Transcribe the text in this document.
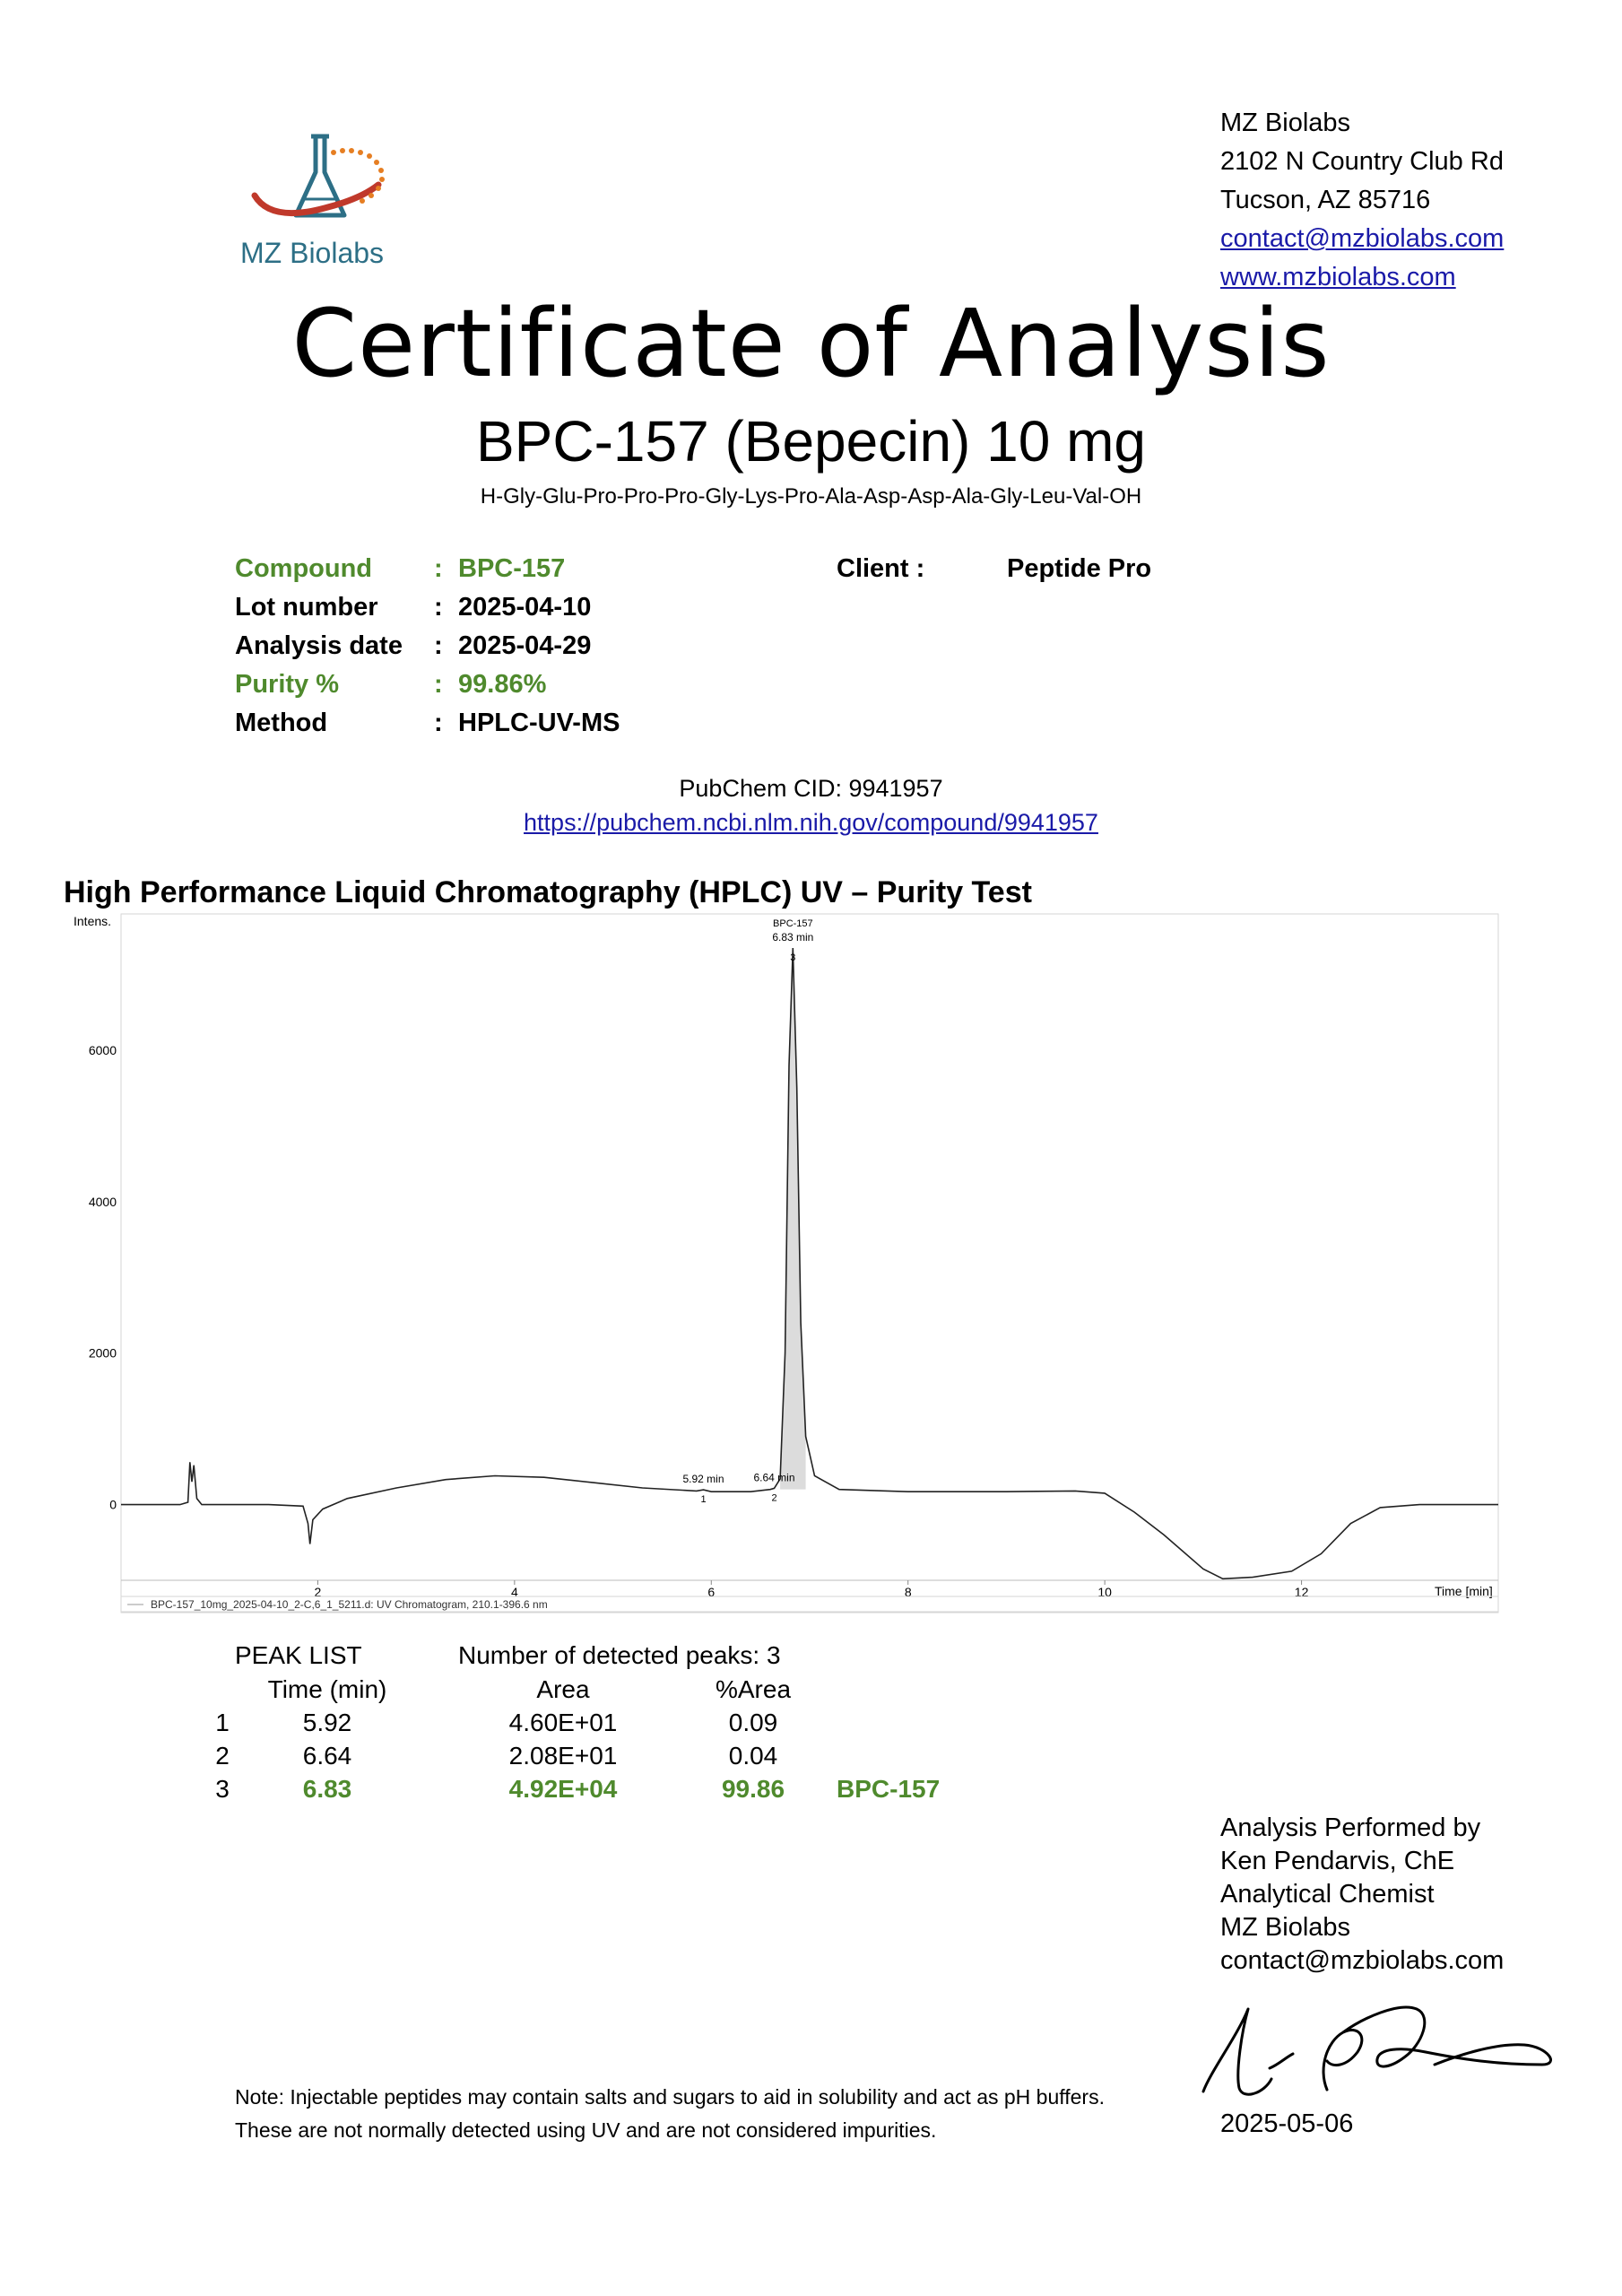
MZ Biolabs
MZ Biolabs
2102 N Country Club Rd
Tucson, AZ 85716
contact@mzbiolabs.com
www.mzbiolabs.com
Certificate of Analysis
BPC-157 (Bepecin) 10 mg
H-Gly-Glu-Pro-Pro-Pro-Gly-Lys-Pro-Ala-Asp-Asp-Ala-Gly-Leu-Val-OH
Compound : BPC-157
Lot number : 2025-04-10
Analysis date : 2025-04-29
Purity %	: 99.86%
Method	: HPLC-UV-MS
Client :	Peptide Pro
PubChem CID: 9941957
https://pubchem.ncbi.nlm.nih.gov/compound/9941957
High Performance Liquid Chromatography (HPLC) UV – Purity Test
Intens.
Time [min]
0
2000
4000
6000
2	4	6	8	10	12
5.92 min
1
6.64 min
2
BPC-157
6.83 min
3
BPC-157_10mg_2025-04-10_2-C,6_1_5211.d: UV Chromatogram, 210.1-396.6 nm
PEAK LIST	Number of detected peaks: 3
Time (min)	Area	%Area
1	5.92	4.60E+01	0.09
2	6.64	2.08E+01	0.04
3	6.83	4.92E+04	99.86 BPC-157
Analysis Performed by
Ken Pendarvis, ChE
Analytical Chemist
MZ Biolabs
contact@mzbiolabs.com
2025-05-06
Note: Injectable peptides may contain salts and sugars to aid in solubility and act as pH buffers.
These are not normally detected using UV and are not considered impurities.
